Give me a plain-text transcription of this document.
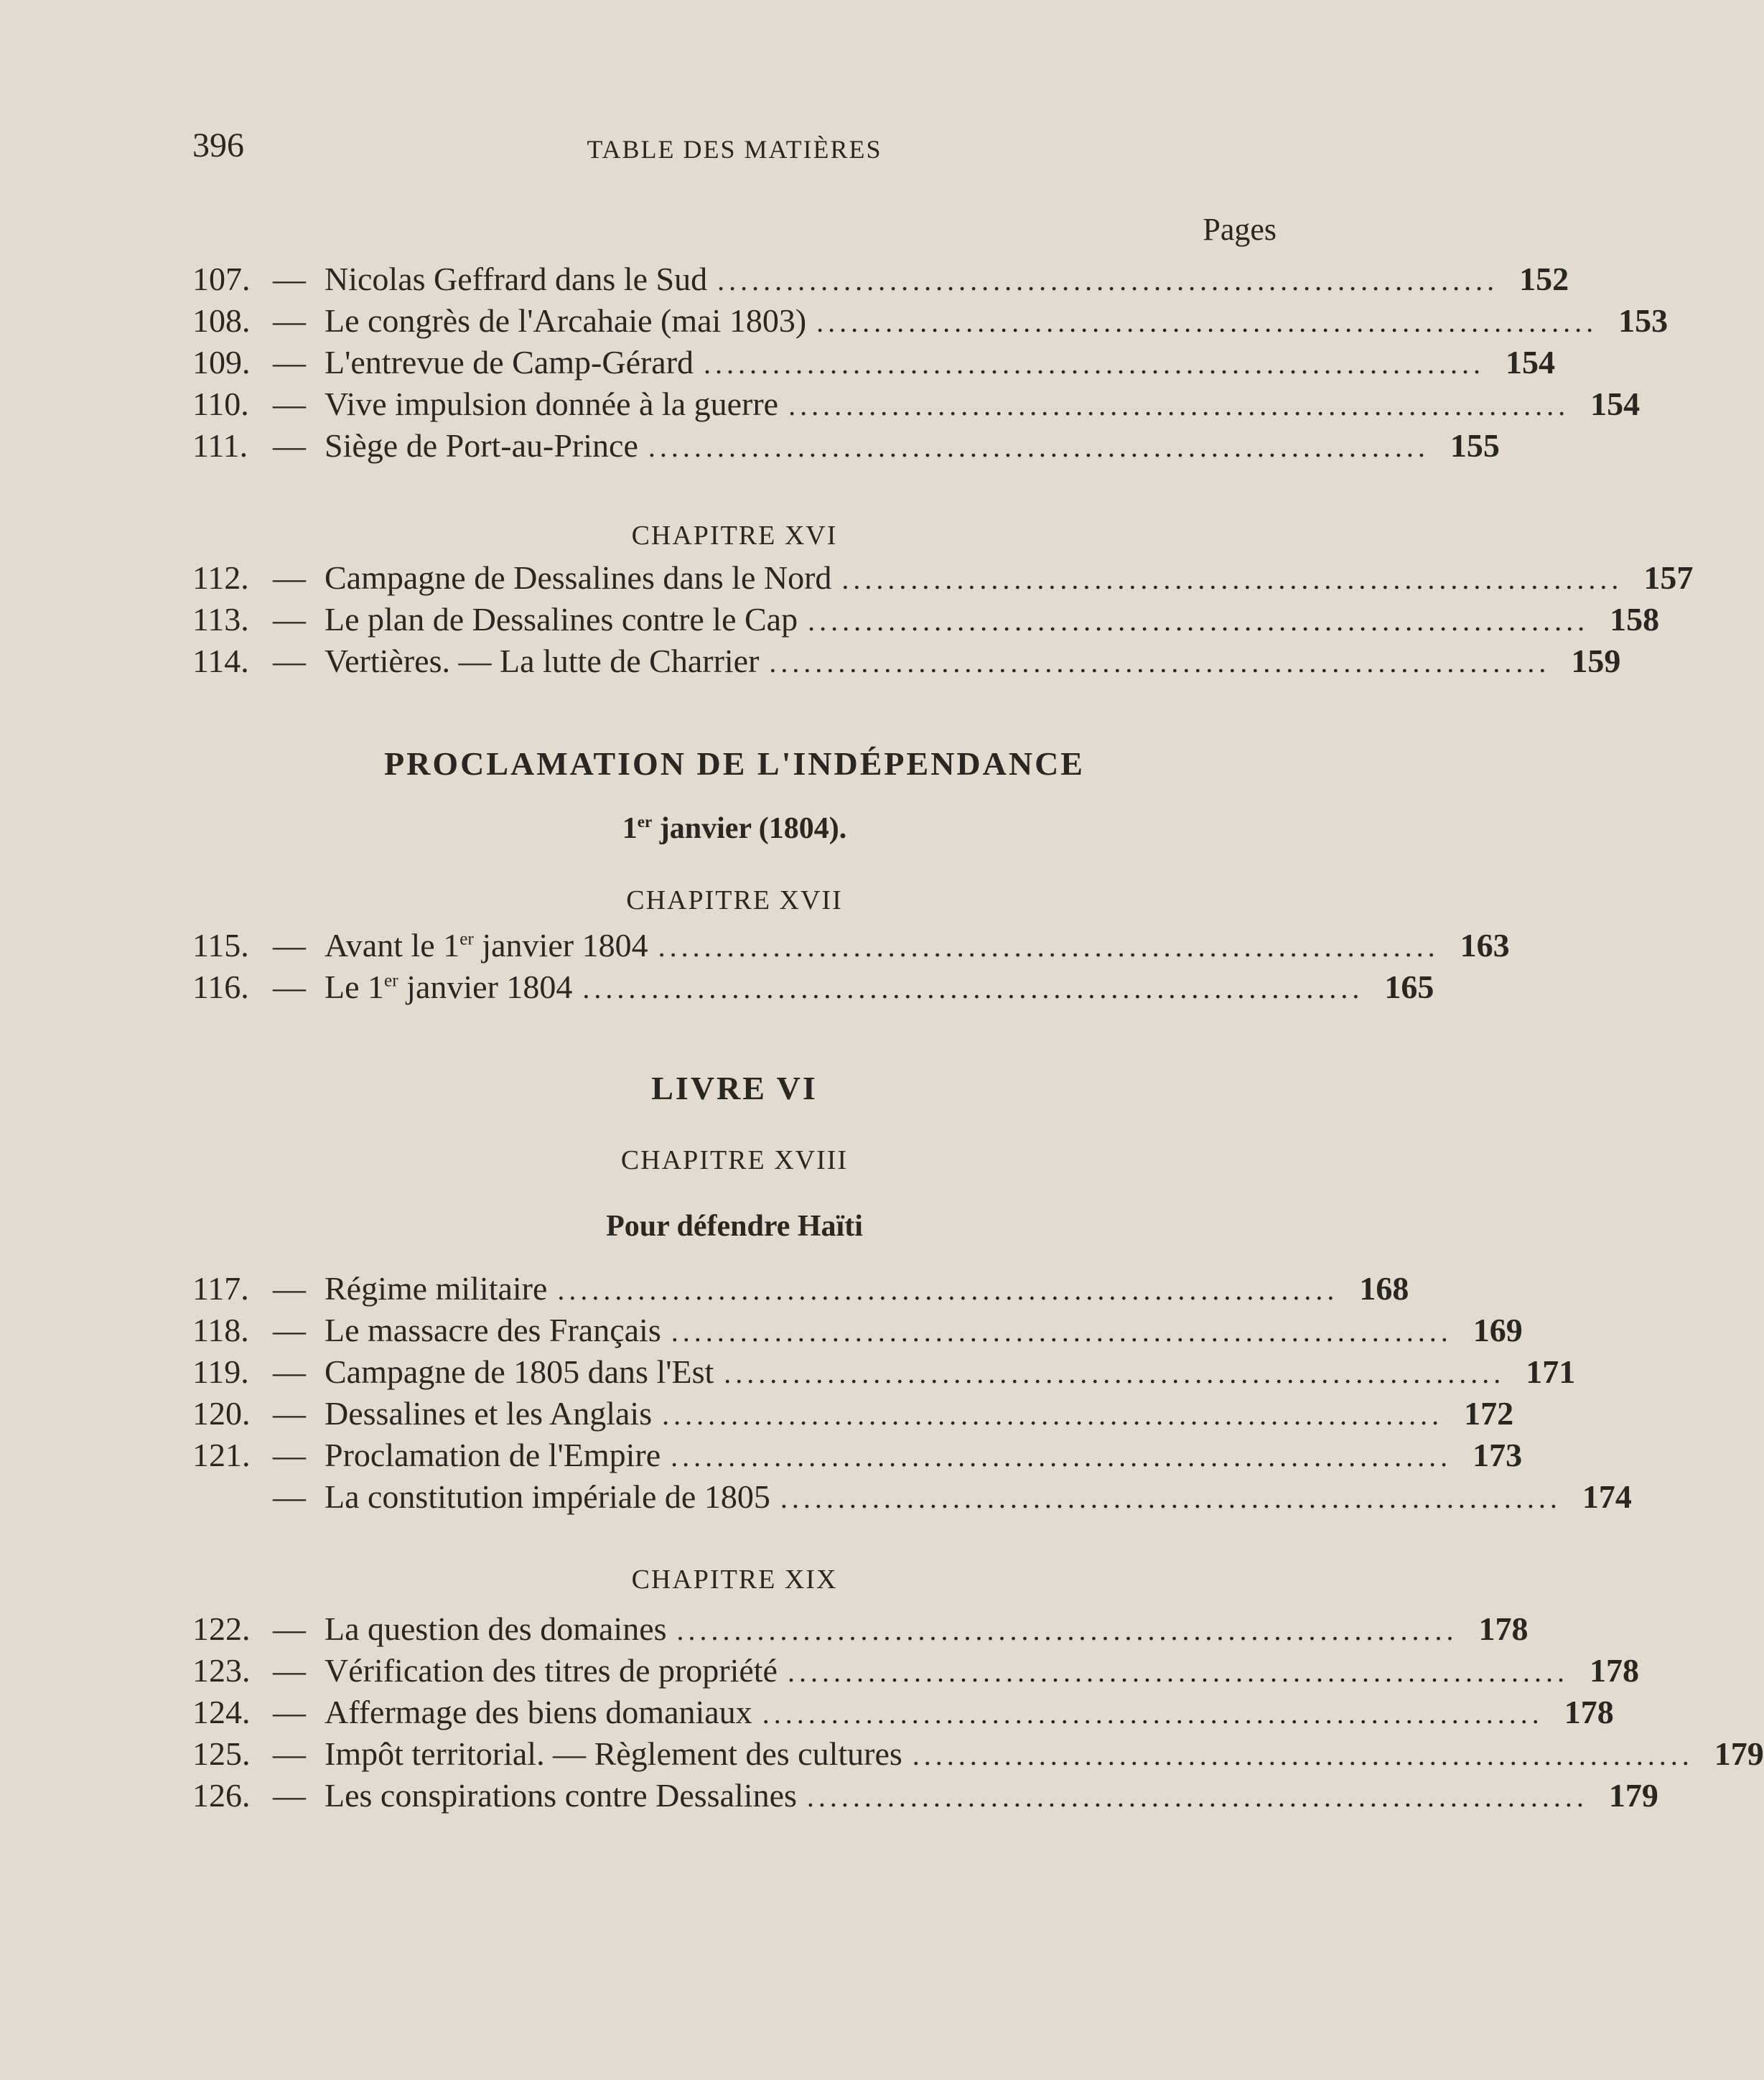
396	TABLE DES MATIÈRES
Pages
107. — Nicolas Geffrard dans le Sud .................................................................... 152
108. — Le congrès de l'Arcahaie (mai 1803) .................................................................... 153
109. — L'entrevue de Camp-Gérard .................................................................... 154
110. — Vive impulsion donnée à la guerre .................................................................... 154
111. — Siège de Port-au-Prince .................................................................... 155
CHAPITRE XVI
112. — Campagne de Dessalines dans le Nord .................................................................... 157
113. — Le plan de Dessalines contre le Cap .................................................................... 158
114. — Vertières. — La lutte de Charrier .................................................................... 159
PROCLAMATION DE L'INDÉPENDANCE
1er janvier (1804).
CHAPITRE XVII
115. — Avant le 1er janvier 1804 .................................................................... 163
116. — Le 1er janvier 1804 .................................................................... 165
LIVRE VI
CHAPITRE XVIII
Pour défendre Haïti
117. — Régime militaire .................................................................... 168
118. — Le massacre des Français .................................................................... 169
119. — Campagne de 1805 dans l'Est .................................................................... 171
120. — Dessalines et les Anglais .................................................................... 172
121. — Proclamation de l'Empire .................................................................... 173
— La constitution impériale de 1805 .................................................................... 174
CHAPITRE XIX
122. — La question des domaines .................................................................... 178
123. — Vérification des titres de propriété .................................................................... 178
124. — Affermage des biens domaniaux .................................................................... 178
125. — Impôt territorial. — Règlement des cultures .................................................................... 179
126. — Les conspirations contre Dessalines .................................................................... 179
